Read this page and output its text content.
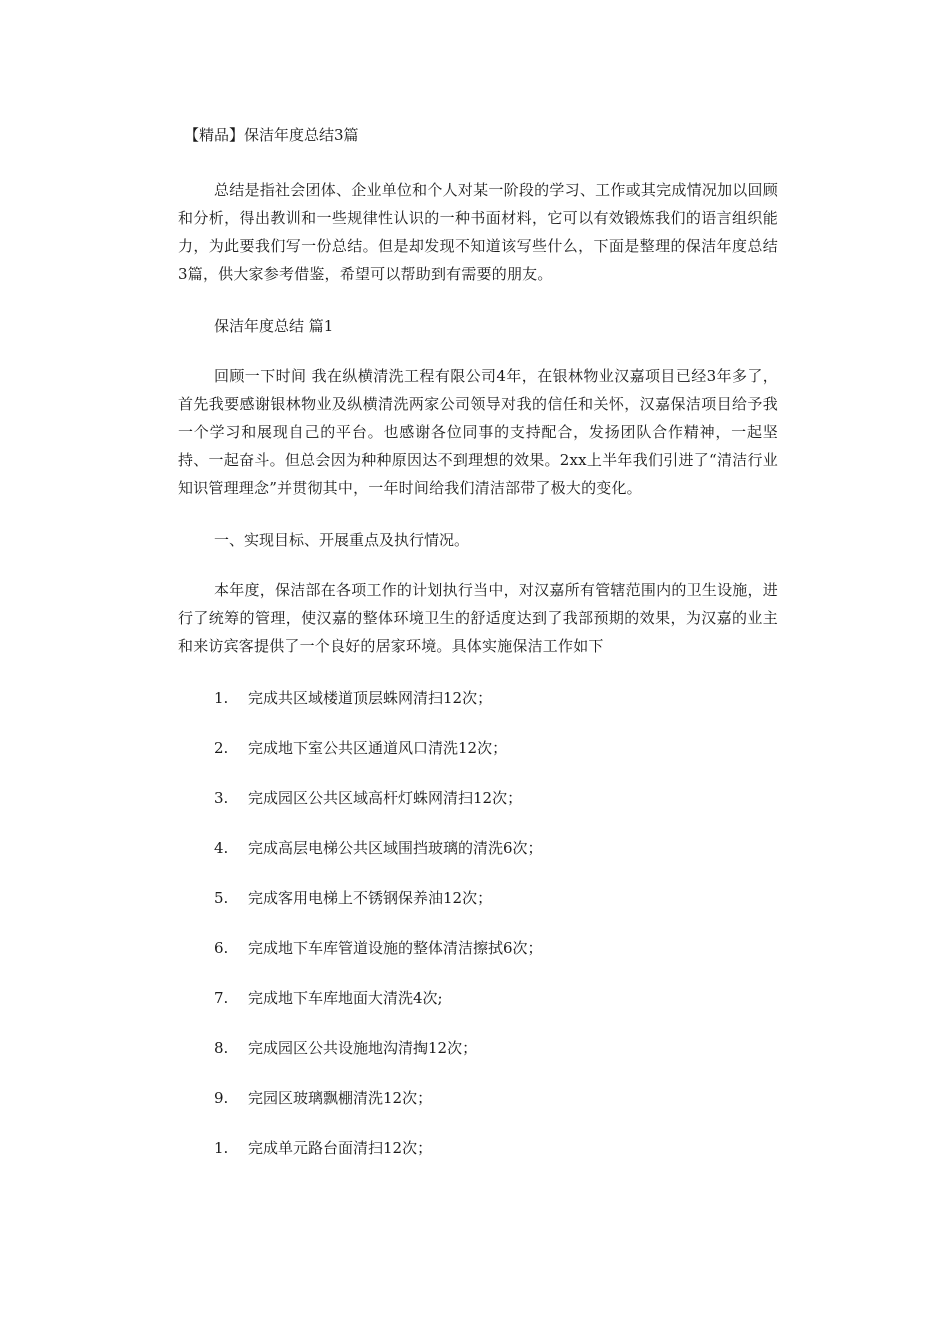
【精品】保洁年度总结3篇

总结是指社会团体、企业单位和个人对某一阶段的学习、工作或其完成情况加以回顾和分析，得出教训和一些规律性认识的一种书面材料，它可以有效锻炼我们的语言组织能力，为此要我们写一份总结。但是却发现不知道该写些什么，下面是整理的保洁年度总结3篇，供大家参考借鉴，希望可以帮助到有需要的朋友。

保洁年度总结 篇1

回顾一下时间 我在纵横清洗工程有限公司4年，在银林物业汉嘉项目已经3年多了， 首先我要感谢银林物业及纵横清洗两家公司领导对我的信任和关怀，汉嘉保洁项目给予我一个学习和展现自己的平台。也感谢各位同事的支持配合，发扬团队合作精神，一起坚持、一起奋斗。但总会因为种种原因达不到理想的效果。2xx上半年我们引进了“清洁行业知识管理理念”并贯彻其中，一年时间给我们清洁部带了极大的变化。

一、实现目标、开展重点及执行情况。

本年度，保洁部在各项工作的计划执行当中，对汉嘉所有管辖范围内的卫生设施，进行了统筹的管理，使汉嘉的整体环境卫生的舒适度达到了我部预期的效果，为汉嘉的业主和来访宾客提供了一个良好的居家环境。具体实施保洁工作如下

1.	完成共区域楼道顶层蛛网清扫12次；
2.	完成地下室公共区通道风口清洗12次；
3.	完成园区公共区域高杆灯蛛网清扫12次；
4.	完成高层电梯公共区域围挡玻璃的清洗6次；
5.	完成客用电梯上不锈钢保养油12次；
6.	完成地下车库管道设施的整体清洁擦拭6次；
7.	完成地下车库地面大清洗4次;
8.	完成园区公共设施地沟清掏12次；
9.	完园区玻璃飘棚清洗12次；
1.	完成单元路台面清扫12次；
